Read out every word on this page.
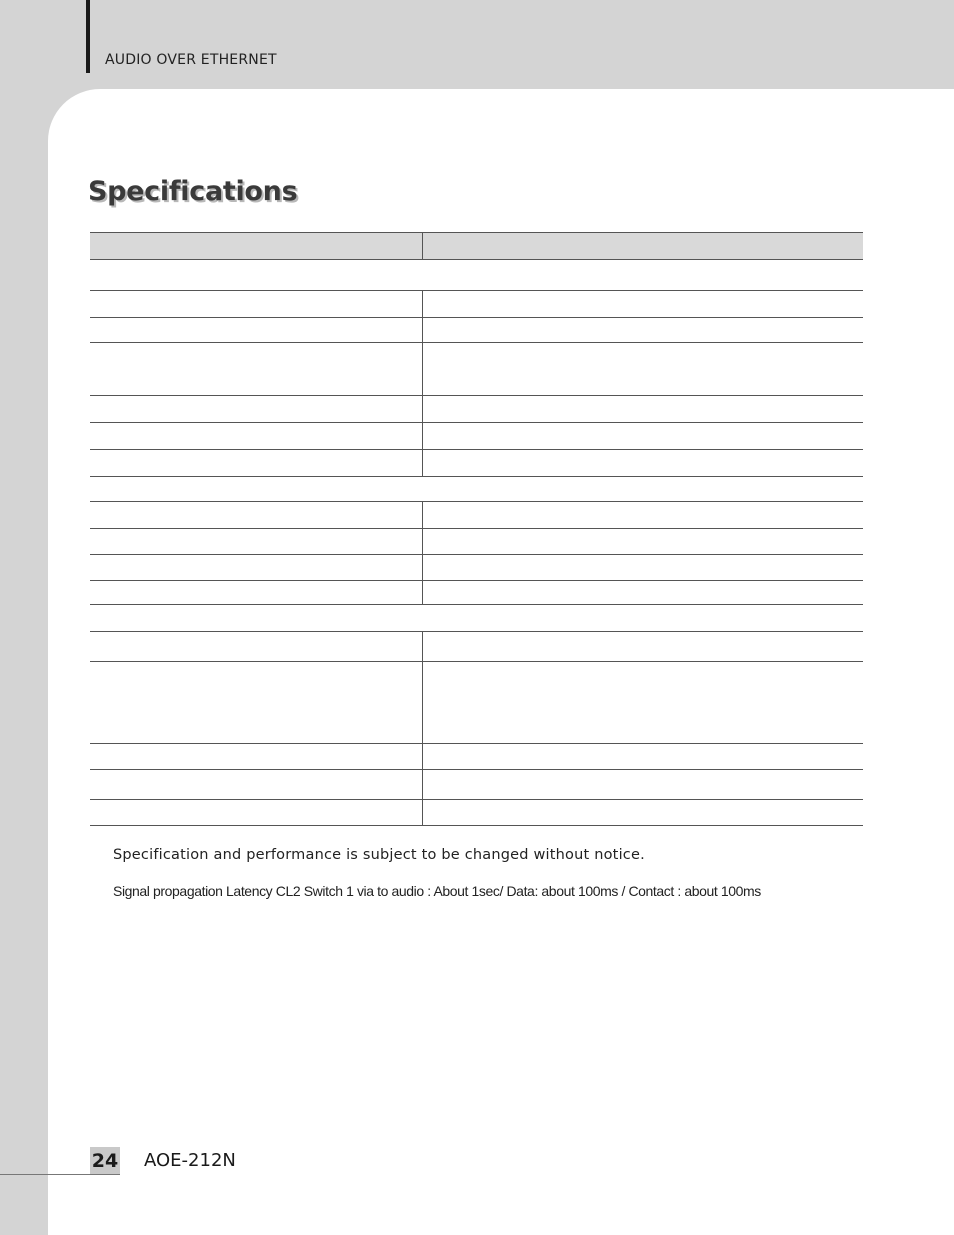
AUDIO OVER ETHERNET
Specifications

Specification and performance is subject to be changed without notice.

Signal propagation Latency CL2 Switch 1 via to audio : About 1sec/ Data: about 100ms / Contact : about 100ms

24 AOE-212N
